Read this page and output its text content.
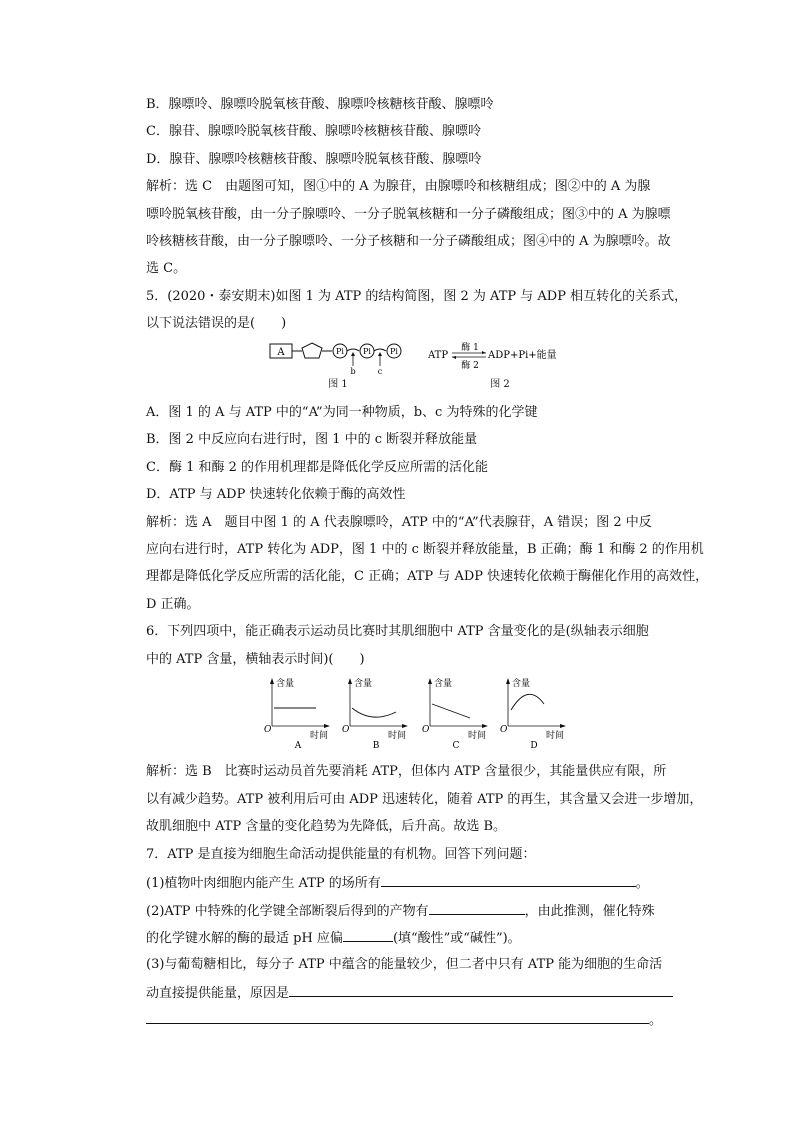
B．腺嘌呤、腺嘌呤脱氧核苷酸、腺嘌呤核糖核苷酸、腺嘌呤
C．腺苷、腺嘌呤脱氧核苷酸、腺嘌呤核糖核苷酸、腺嘌呤
D．腺苷、腺嘌呤核糖核苷酸、腺嘌呤脱氧核苷酸、腺嘌呤
解析：选 C　由题图可知，图①中的 A 为腺苷，由腺嘌呤和核糖组成；图②中的 A 为腺
嘌呤脱氧核苷酸，由一分子腺嘌呤、一分子脱氧核糖和一分子磷酸组成；图③中的 A 为腺嘌
呤核糖核苷酸，由一分子腺嘌呤、一分子核糖和一分子磷酸组成；图④中的 A 为腺嘌呤。故
选 C。
5．(2020・泰安期末)如图 1 为 ATP 的结构简图，图 2 为 ATP 与 ADP 相互转化的关系式，
以下说法错误的是(　　)
A	Pi Pi Pi
b	c
图 1
ATP
酶 1
酶 2
ADP+Pi+能量
图 2
A．图 1 的 A 与 ATP 中的“A”为同一种物质，b、c 为特殊的化学键
B．图 2 中反应向右进行时，图 1 中的 c 断裂并释放能量
C．酶 1 和酶 2 的作用机理都是降低化学反应所需的活化能
D．ATP 与 ADP 快速转化依赖于酶的高效性
解析：选 A　题目中图 1 的 A 代表腺嘌呤，ATP 中的“A”代表腺苷，A 错误；图 2 中反
应向右进行时，ATP 转化为 ADP，图 1 中的 c 断裂并释放能量，B 正确；酶 1 和酶 2 的作用机
理都是降低化学反应所需的活化能，C 正确；ATP 与 ADP 快速转化依赖于酶催化作用的高效性，
D 正确。
6．下列四项中，能正确表示运动员比赛时其肌细胞中 ATP 含量变化的是(纵轴表示细胞
中的 ATP 含量，横轴表示时间)(　　)
含量
O
时间
A
含量
O
时间
B
含量
O
时间
C
含量
O
时间
D
解析：选 B　比赛时运动员首先要消耗 ATP，但体内 ATP 含量很少，其能量供应有限，所
以有减少趋势。ATP 被利用后可由 ADP 迅速转化，随着 ATP 的再生，其含量又会进一步增加，
故肌细胞中 ATP 含量的变化趋势为先降低，后升高。故选 B。
7．ATP 是直接为细胞生命活动提供能量的有机物。回答下列问题：
(1)植物叶肉细胞内能产生 ATP 的场所有	。
(2)ATP 中特殊的化学键全部断裂后得到的产物有	，由此推测，催化特殊
的化学键水解的酶的最适 pH 应偏	(填“酸性”或“碱性”)。
(3)与葡萄糖相比，每分子 ATP 中蕴含的能量较少，但二者中只有 ATP 能为细胞的生命活
动直接提供能量，原因是
。
